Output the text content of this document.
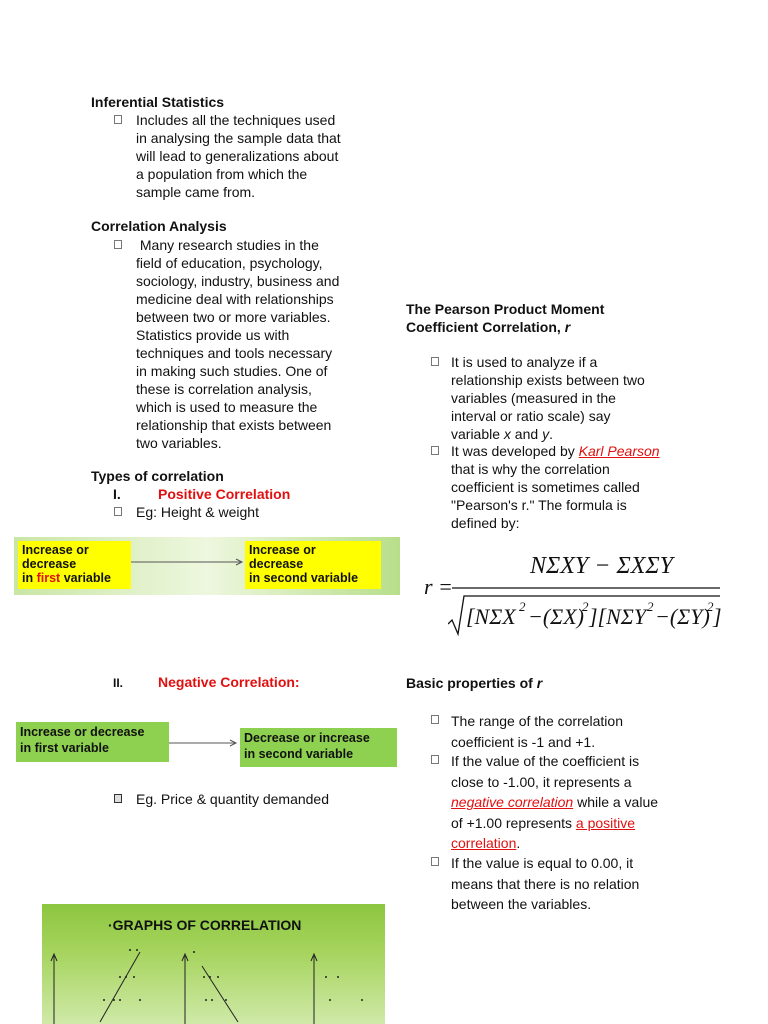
Inferential Statistics
Includes all the techniques used
in analysing the sample data that
will lead to generalizations about
a population from which the
sample came from.
Correlation Analysis
Many research studies in the
field of education, psychology,
sociology, industry, business and
medicine deal with relationships
between two or more variables.
Statistics provide us with
techniques and tools necessary
in making such studies. One of
these is correlation analysis,
which is used to measure the
relationship that exists between
two variables.
Types of correlation
I.	Positive Correlation
Eg: Height & weight
Increase or
decrease
in first variable
Increase or
decrease
in second variable
II. Negative Correlation:
Increase or decrease
in first variable
Decrease or increase
in second variable
Eg. Price & quantity demanded
·GRAPHS OF CORRELATION
The Pearson Product Moment
Coefficient Correlation, r
It is used to analyze if a
relationship exists between two
variables (measured in the
interval or ratio scale) say
variable x and y.
It was developed by Karl Pearson
that is why the correlation
coefficient is sometimes called
"Pearson's r." The formula is
defined by:
r =
NΣXY − ΣXΣY
[NΣX 2 −(ΣX)
2 ][NΣY 2 −(ΣY)
2 ]
Basic properties of r
The range of the correlation
coefficient is -1 and +1.
If the value of the coefficient is
close to -1.00, it represents a
negative correlation while a value
of +1.00 represents a positive
correlation.
If the value is equal to 0.00, it
means that there is no relation
between the variables.
